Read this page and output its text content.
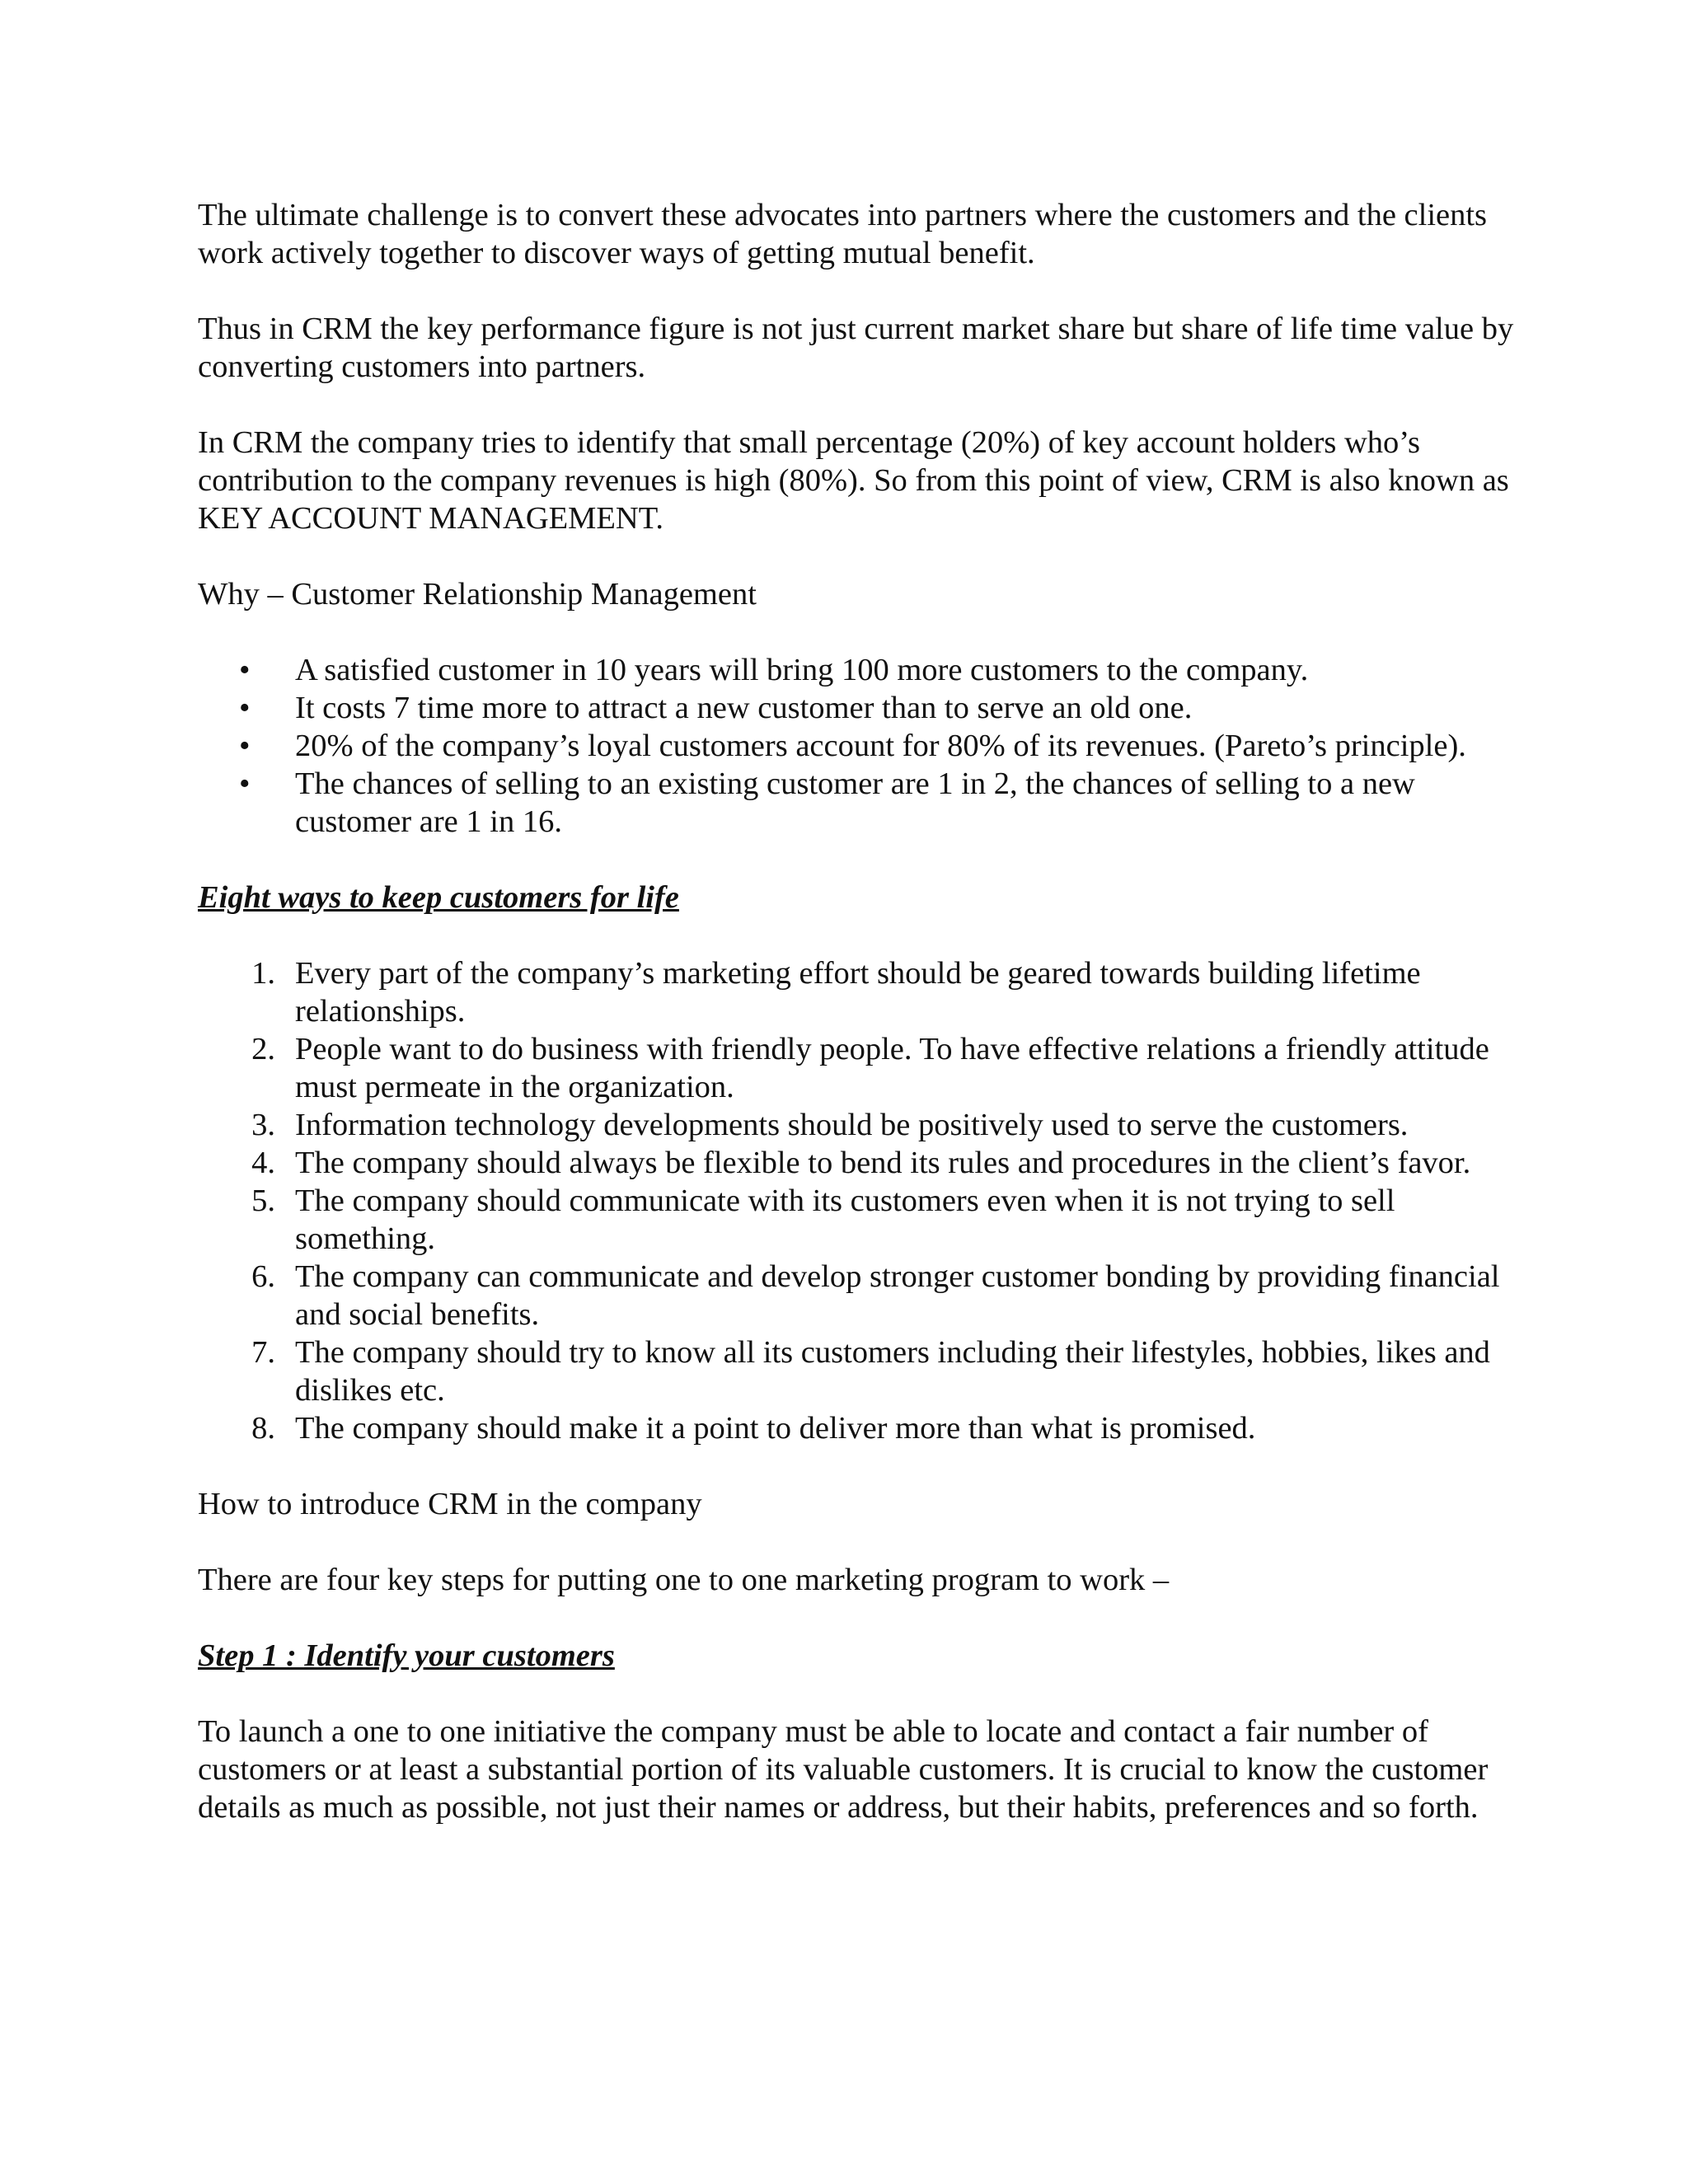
The ultimate challenge is to convert these advocates into partners where the customers and the clients work actively together to discover ways of getting mutual benefit.

Thus in CRM the key performance figure is not just current market share but share of life time value by converting customers into partners.

In CRM the company tries to identify that small percentage (20%) of key account holders who’s contribution to the company revenues is high (80%). So from this point of view, CRM is also known as KEY ACCOUNT MANAGEMENT.

Why – Customer Relationship Management

•	A satisfied customer in 10 years will bring 100 more customers to the company.
•	It costs 7 time more to attract a new customer than to serve an old one.
•	20% of the company’s loyal customers account for 80% of its revenues. (Pareto’s principle).
•	The chances of selling to an existing customer are 1 in 2, the chances of selling to a new customer are 1 in 16.

Eight ways to keep customers for life

1. Every part of the company’s marketing effort should be geared towards building lifetime relationships.
2. People want to do business with friendly people. To have effective relations a friendly attitude must permeate in the organization.
3. Information technology developments should be positively used to serve the customers.
4. The company should always be flexible to bend its rules and procedures in the client’s favor.
5. The company should communicate with its customers even when it is not trying to sell something.
6. The company can communicate and develop stronger customer bonding by providing financial and social benefits.
7. The company should try to know all its customers including their lifestyles, hobbies, likes and dislikes etc.
8. The company should make it a point to deliver more than what is promised.

How to introduce CRM in the company

There are four key steps for putting one to one marketing program to work –

Step 1 : Identify your customers

To launch a one to one initiative the company must be able to locate and contact a fair number of customers or at least a substantial portion of its valuable customers. It is crucial to know the customer details as much as possible, not just their names or address, but their habits, preferences and so forth.
